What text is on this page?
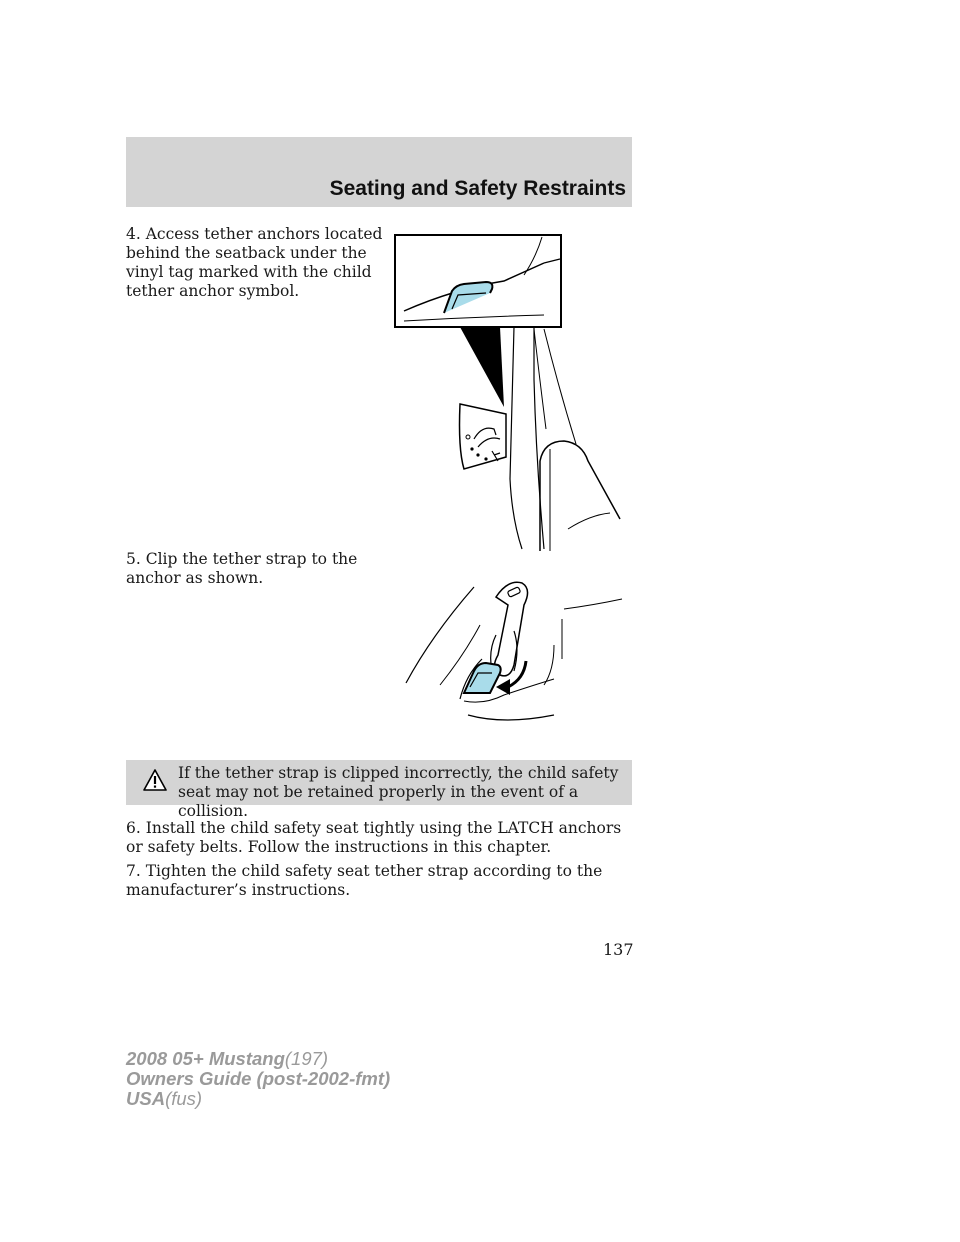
Seating and Safety Restraints

4. Access tether anchors located behind the seatback under the vinyl tag marked with the child tether anchor symbol.

5. Clip the tether strap to the anchor as shown.

If the tether strap is clipped incorrectly, the child safety seat may not be retained properly in the event of a collision.

6. Install the child safety seat tightly using the LATCH anchors or safety belts. Follow the instructions in this chapter.

7. Tighten the child safety seat tether strap according to the manufacturer’s instructions.

137

2008 05+ Mustang(197)

Owners Guide (post-2002-fmt)

USA(fus)
